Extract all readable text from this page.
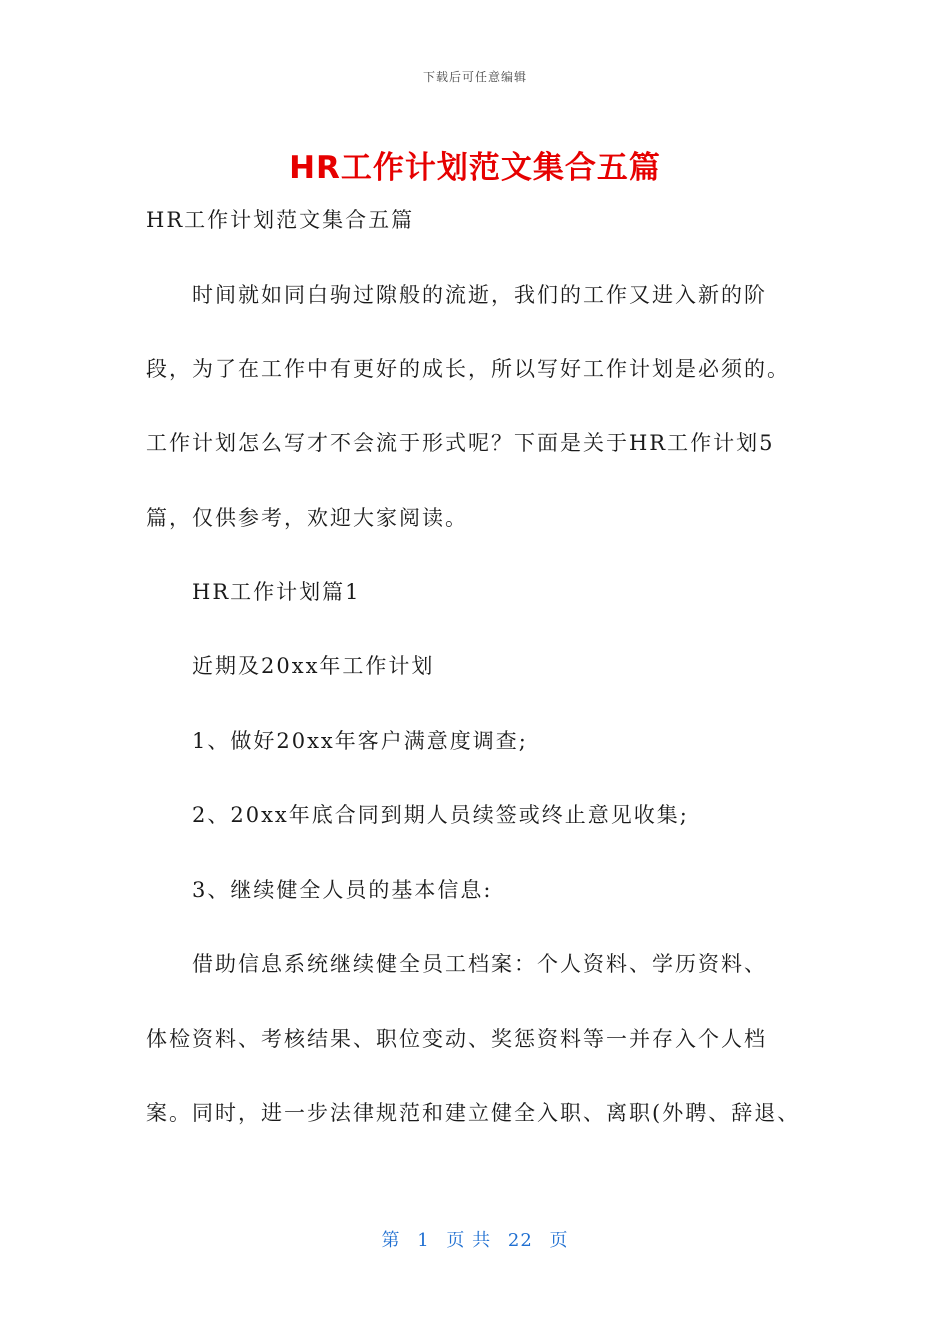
下载后可任意编辑
HR工作计划范文集合五篇
HR工作计划范文集合五篇
时间就如同白驹过隙般的流逝，我们的工作又进入新的阶
段，为了在工作中有更好的成长，所以写好工作计划是必须的。
工作计划怎么写才不会流于形式呢？下面是关于HR工作计划5
篇，仅供参考，欢迎大家阅读。
HR工作计划篇1
近期及20xx年工作计划
1、做好20xx年客户满意度调查;
2、20xx年底合同到期人员续签或终止意见收集;
3、继续健全人员的基本信息:
借助信息系统继续健全员工档案：个人资料、学历资料、
体检资料、考核结果、职位变动、奖惩资料等一并存入个人档
案。同时，进一步法律规范和建立健全入职、离职(外聘、辞退、
第 1 页 共 22 页
